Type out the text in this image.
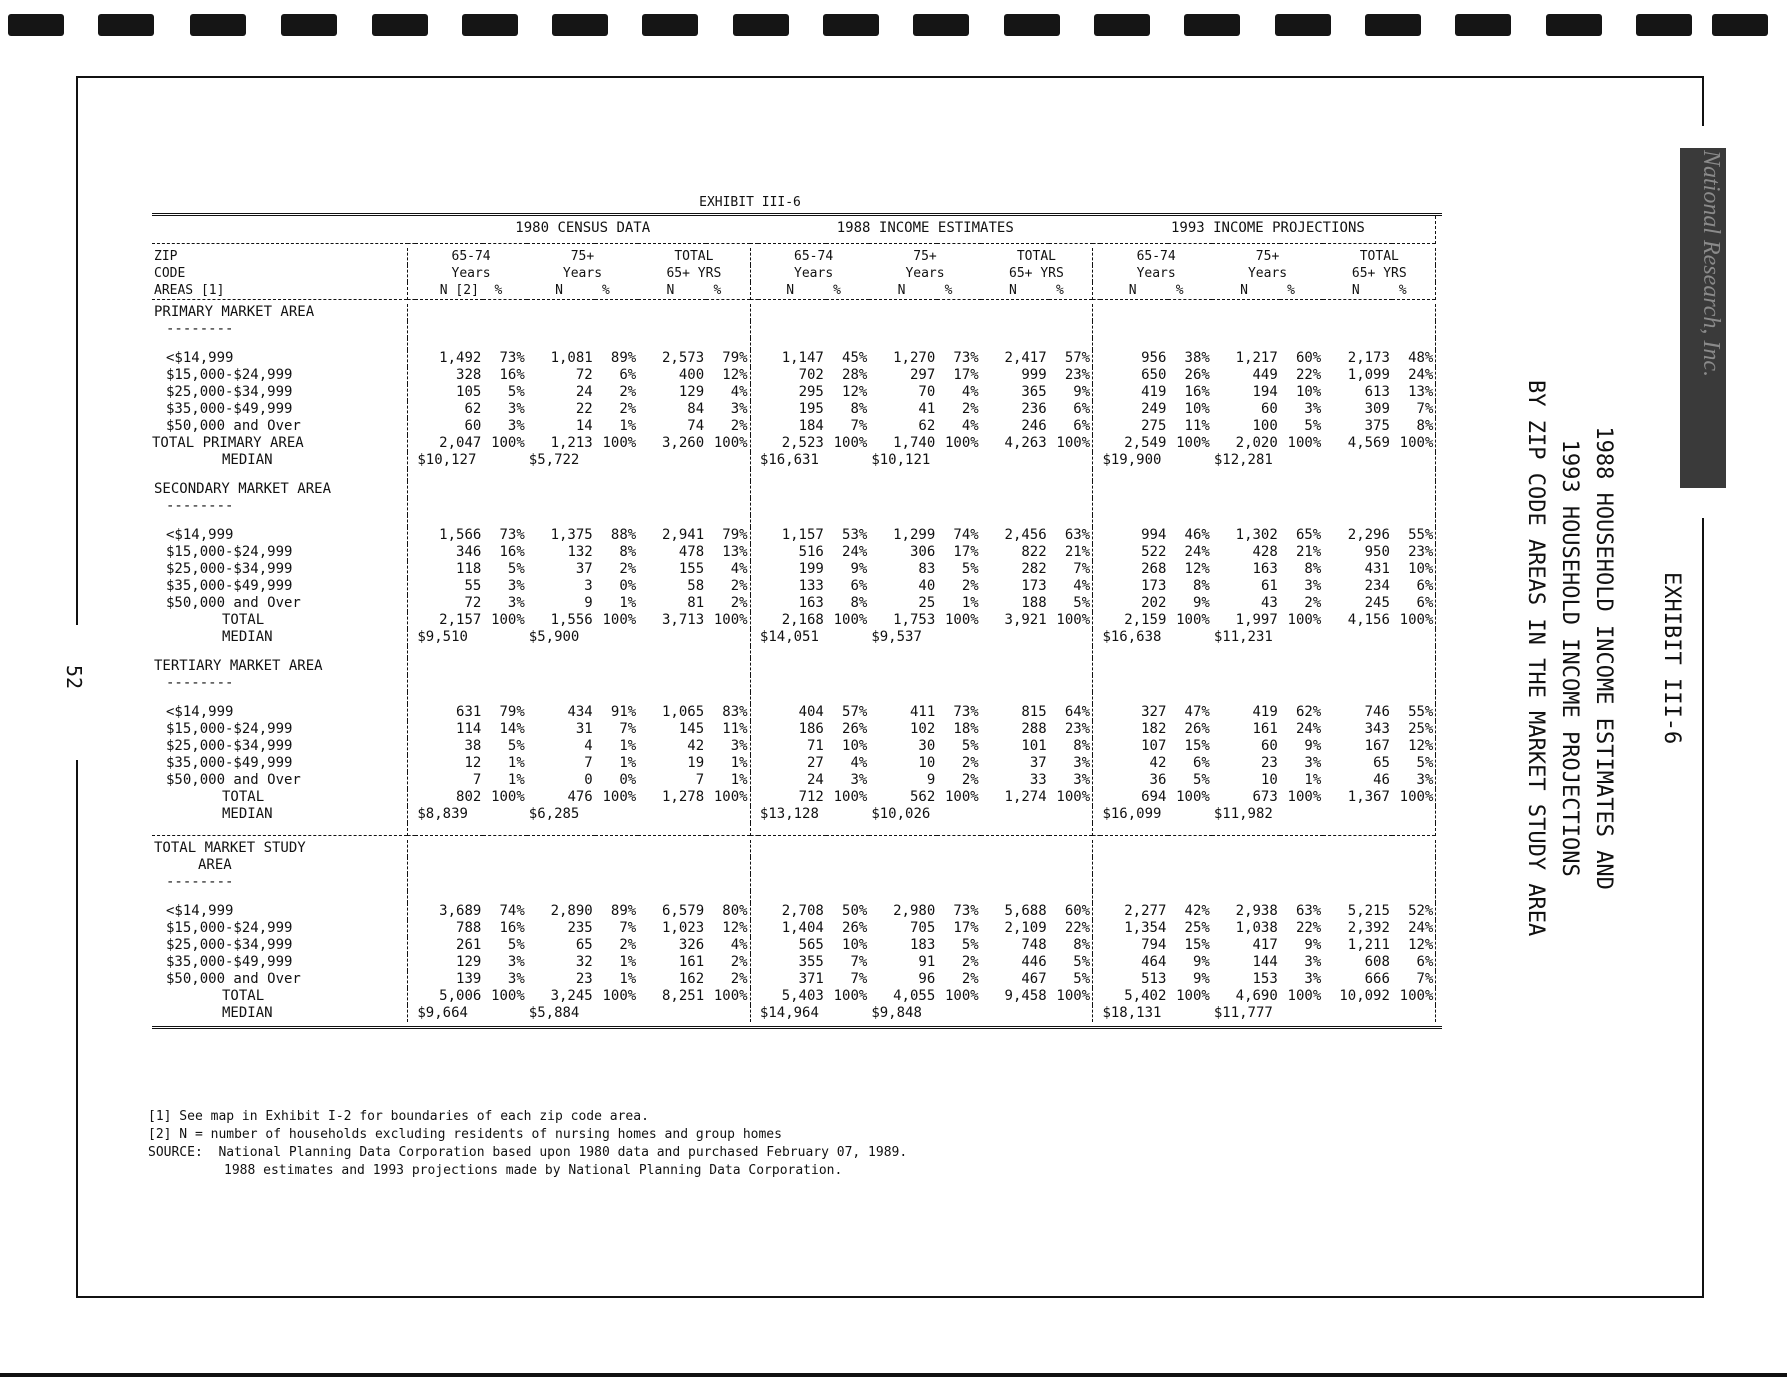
National Research, Inc.
52	EXHIBIT III-6
1988 HOUSEHOLD INCOME ESTIMATES AND
1993 HOUSEHOLD INCOME PROJECTIONS
BY ZIP CODE AREAS IN THE MARKET STUDY AREA
EXHIBIT III-6
		1980 CENSUS DATA							1988 INCOME ESTIMATES							1993 INCOME PROJECTIONS						

ZIP		65-74		75+		TOTAL			65-74		75+		TOTAL			65-74		75+		TOTAL		
CODE		Years		Years		65+ YRS			Years		Years		65+ YRS			Years		Years		65+ YRS		
AREAS [1]		N [2]  %		N     %		N     %			N     %		N     %		N     %			N     %		N     %		N     %		

PRIMARY MARKET AREA																						
--------																						

<$14,999		1,492	73%	1,081	89%	2,573	79%		1,147	45%	1,270	73%	2,417	57%		956	38%	1,217	60%	2,173	48%	
$15,000-$24,999		328	16%	72	6%	400	12%		702	28%	297	17%	999	23%		650	26%	449	22%	1,099	24%	
$25,000-$34,999		105	5%	24	2%	129	4%		295	12%	70	4%	365	9%		419	16%	194	10%	613	13%	
$35,000-$49,999		62	3%	22	2%	84	3%		195	8%	41	2%	236	6%		249	10%	60	3%	309	7%	
$50,000 and Over		60	3%	14	1%	74	2%		184	7%	62	4%	246	6%		275	11%	100	5%	375	8%	
TOTAL PRIMARY AREA		2,047	100%	1,213	100%	3,260	100%		2,523	100%	1,740	100%	4,263	100%		2,549	100%	2,020	100%	4,569	100%	
MEDIAN		$10,127		$5,722					$16,631		$10,121					$19,900		$12,281				

SECONDARY MARKET AREA																						
--------																						

<$14,999		1,566	73%	1,375	88%	2,941	79%		1,157	53%	1,299	74%	2,456	63%		994	46%	1,302	65%	2,296	55%	
$15,000-$24,999		346	16%	132	8%	478	13%		516	24%	306	17%	822	21%		522	24%	428	21%	950	23%	
$25,000-$34,999		118	5%	37	2%	155	4%		199	9%	83	5%	282	7%		268	12%	163	8%	431	10%	
$35,000-$49,999		55	3%	3	0%	58	2%		133	6%	40	2%	173	4%		173	8%	61	3%	234	6%	
$50,000 and Over		72	3%	9	1%	81	2%		163	8%	25	1%	188	5%		202	9%	43	2%	245	6%	
TOTAL		2,157	100%	1,556	100%	3,713	100%		2,168	100%	1,753	100%	3,921	100%		2,159	100%	1,997	100%	4,156	100%	
MEDIAN		$9,510		$5,900					$14,051		$9,537					$16,638		$11,231				

TERTIARY MARKET AREA																						
--------																						

<$14,999		631	79%	434	91%	1,065	83%		404	57%	411	73%	815	64%		327	47%	419	62%	746	55%	
$15,000-$24,999		114	14%	31	7%	145	11%		186	26%	102	18%	288	23%		182	26%	161	24%	343	25%	
$25,000-$34,999		38	5%	4	1%	42	3%		71	10%	30	5%	101	8%		107	15%	60	9%	167	12%	
$35,000-$49,999		12	1%	7	1%	19	1%		27	4%	10	2%	37	3%		42	6%	23	3%	65	5%	
$50,000 and Over		7	1%	0	0%	7	1%		24	3%	9	2%	33	3%		36	5%	10	1%	46	3%	
TOTAL		802	100%	476	100%	1,278	100%		712	100%	562	100%	1,274	100%		694	100%	673	100%	1,367	100%	
MEDIAN		$8,839		$6,285					$13,128		$10,026					$16,099		$11,982				

TOTAL MARKET STUDY																						
AREA																						
--------																						

<$14,999		3,689	74%	2,890	89%	6,579	80%		2,708	50%	2,980	73%	5,688	60%		2,277	42%	2,938	63%	5,215	52%	
$15,000-$24,999		788	16%	235	7%	1,023	12%		1,404	26%	705	17%	2,109	22%		1,354	25%	1,038	22%	2,392	24%	
$25,000-$34,999		261	5%	65	2%	326	4%		565	10%	183	5%	748	8%		794	15%	417	9%	1,211	12%	
$35,000-$49,999		129	3%	32	1%	161	2%		355	7%	91	2%	446	5%		464	9%	144	3%	608	6%	
$50,000 and Over		139	3%	23	1%	162	2%		371	7%	96	2%	467	5%		513	9%	153	3%	666	7%	
TOTAL		5,006	100%	3,245	100%	8,251	100%		5,403	100%	4,055	100%	9,458	100%		5,402	100%	4,690	100%	10,092	100%	
MEDIAN		$9,664		$5,884					$14,964		$9,848					$18,131		$11,777				
[1] See map in Exhibit I-2 for boundaries of each zip code area.
[2] N = number of households excluding residents of nursing homes and group homes
SOURCE:  National Planning Data Corporation based upon 1980 data and purchased February 07, 1989.
1988 estimates and 1993 projections made by National Planning Data Corporation.
